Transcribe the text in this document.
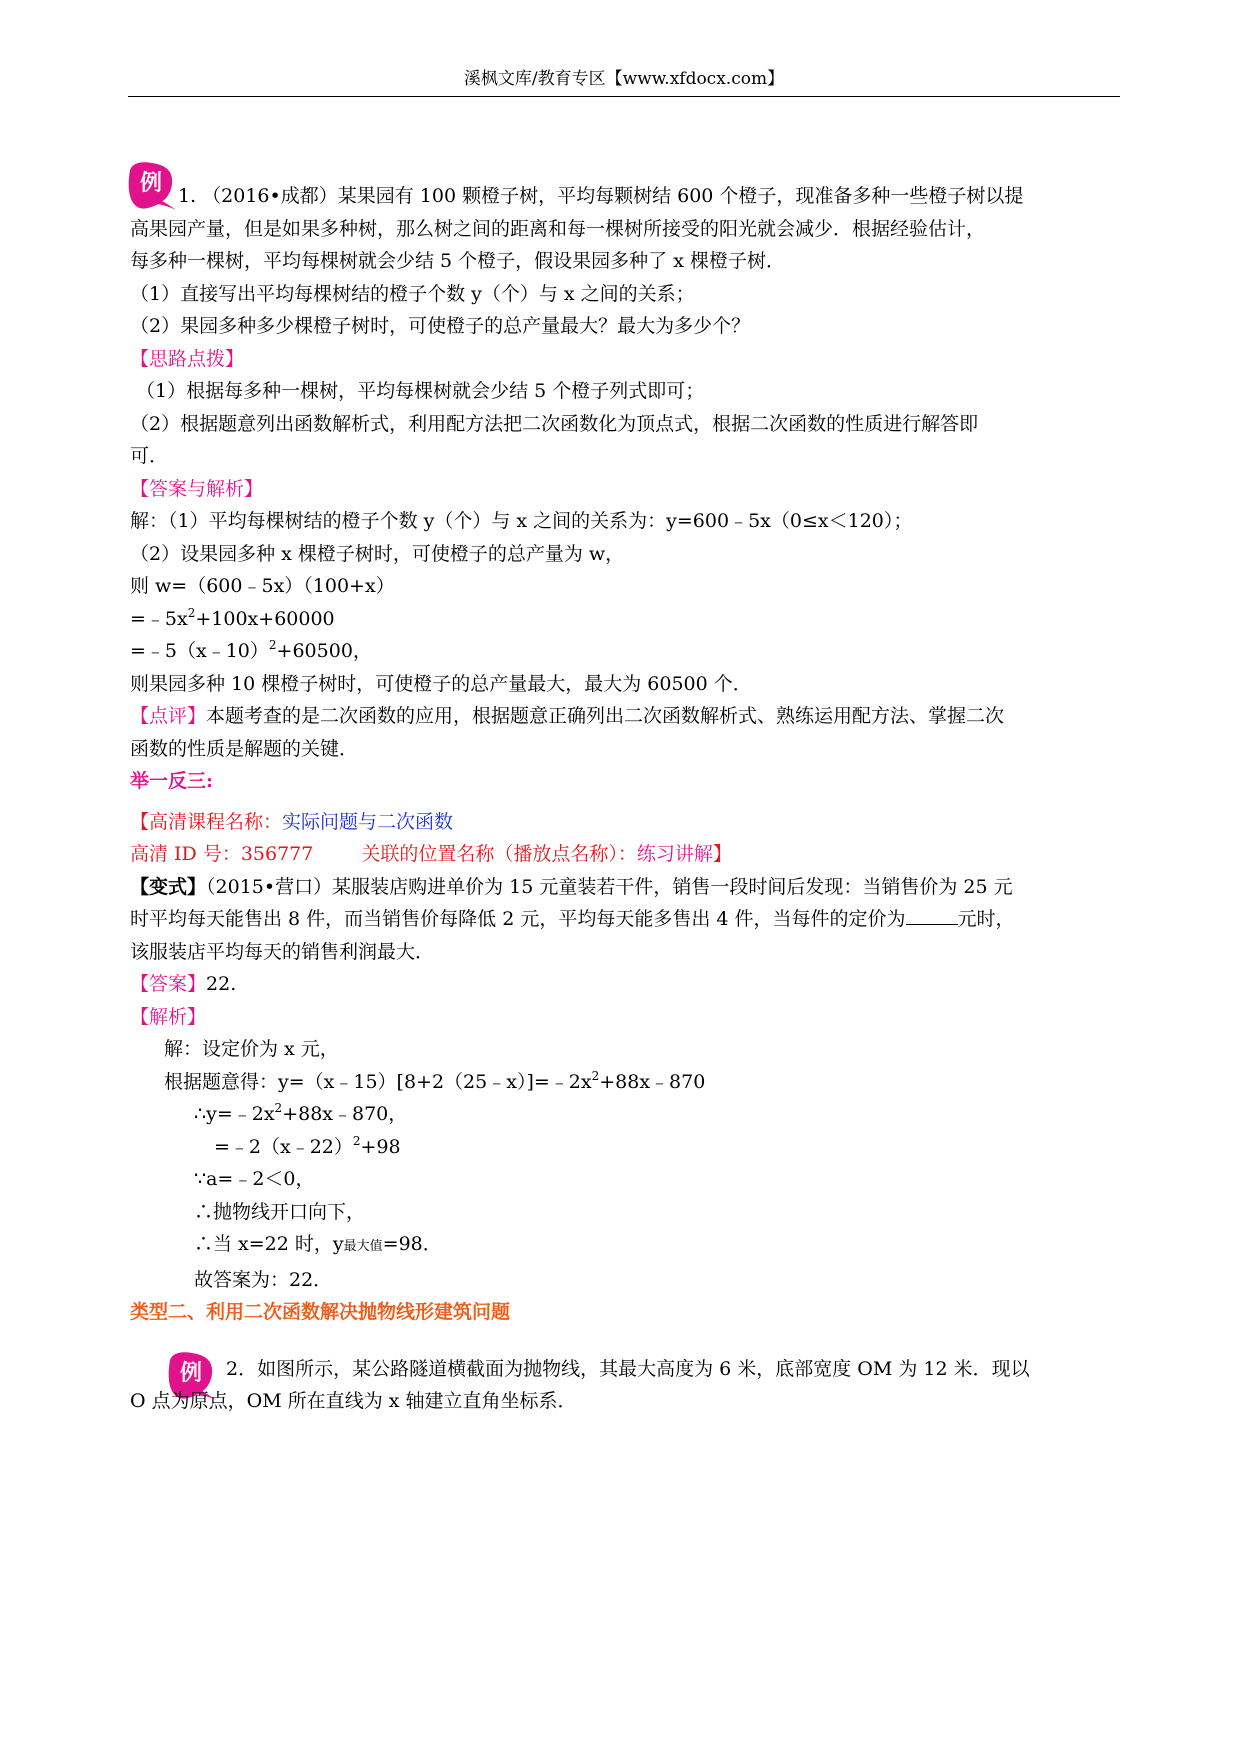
溪枫文库/教育专区【www.xfdocx.com】
例
例
1. （2016•成都）某果园有 100 颗橙子树，平均每颗树结 600 个橙子，现准备多种一些橙子树以提
高果园产量，但是如果多种树，那么树之间的距离和每一棵树所接受的阳光就会减少．根据经验估计，
每多种一棵树，平均每棵树就会少结 5 个橙子，假设果园多种了 x 棵橙子树．
（1）直接写出平均每棵树结的橙子个数 y（个）与 x 之间的关系；
（2）果园多种多少棵橙子树时，可使橙子的总产量最大？最大为多少个？
【思路点拨】
（1）根据每多种一棵树，平均每棵树就会少结 5 个橙子列式即可；
（2）根据题意列出函数解析式，利用配方法把二次函数化为顶点式，根据二次函数的性质进行解答即
可．
【答案与解析】
解：（1）平均每棵树结的橙子个数 y（个）与 x 之间的关系为：y=600﹣5x（0≤x＜120）；
（2）设果园多种 x 棵橙子树时，可使橙子的总产量为 w，
则 w=（600﹣5x）（100+x）
$=﹣5x^2+100x+60000$
=﹣5（x﹣10）$^2$+60500，
则果园多种 10 棵橙子树时，可使橙子的总产量最大，最大为 60500 个．
【点评】本题考查的是二次函数的应用，根据题意正确列出二次函数解析式、熟练运用配方法、掌握二次
函数的性质是解题的关键．
举一反三:
【高清课程名称：实际问题与二次函数
高清 ID 号：356777	关联的位置名称（播放点名称）：练习讲解】
【变式】（2015•营口）某服装店购进单价为 15 元童装若干件，销售一段时间后发现：当销售价为 25 元
时平均每天能售出 8 件，而当销售价每降低 2 元，平均每天能多售出 4 件，当每件的定价为	元时，
该服装店平均每天的销售利润最大．
【答案】22.
【解析】
解：设定价为 x 元，
根据题意得：$y=(x﹣15)[8+2(25﹣x)]=﹣2x^2+88x﹣870$
$\therefore y=﹣2x^2+88x﹣870$，
=﹣2（x﹣22）$^2$+98
∵a=﹣2＜0，
∴抛物线开口向下，
∴当 x=22 时，y最大值=98．
故答案为：22．
类型二、利用二次函数解决抛物线形建筑问题
2．如图所示，某公路隧道横截面为抛物线，其最大高度为 6 米，底部宽度 OM 为 12 米．现以
O 点为原点，OM 所在直线为 x 轴建立直角坐标系．
